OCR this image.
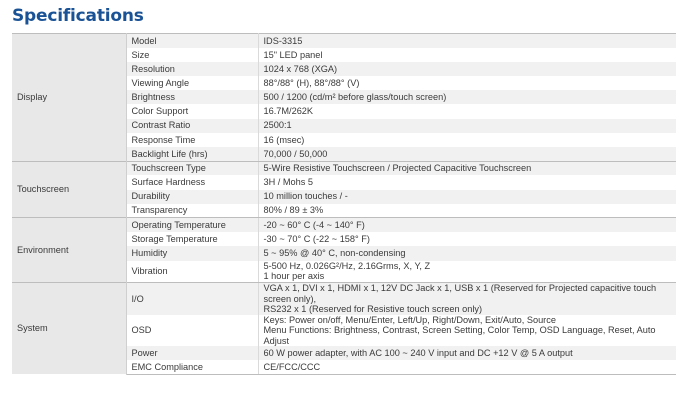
Specifications
Display	Model	IDS-3315

	Size	15" LED panel

	Resolution	1024 x 768 (XGA)

	Viewing Angle	88°/88° (H), 88°/88° (V)

	Brightness	500 / 1200 (cd/m² before glass/touch screen)

	Color Support	16.7M/262K

	Contrast Ratio	2500:1

	Response Time	16 (msec)

	Backlight Life (hrs)	70,000 / 50,000

Touchscreen	Touchscreen Type	5-Wire Resistive Touchscreen / Projected Capacitive Touchscreen

	Surface Hardness	3H / Mohs 5

	Durability	10 million touches / -

	Transparency	80% / 89 ± 3%

Environment	Operating Temperature	-20 ~ 60° C (-4 ~ 140° F)

	Storage Temperature	-30 ~ 70° C (-22 ~ 158° F)

	Humidity	5 ~ 95% @ 40° C, non-condensing

	Vibration	5-500 Hz, 0.026G²/Hz, 2.16Grms, X, Y, Z
1 hour per axis

System	I/O	VGA x 1, DVI x 1, HDMI x 1, 12V DC Jack x 1, USB x 1 (Reserved for Projected capacitive touch screen only),
RS232 x 1 (Reserved for Resistive touch screen only)

	OSD	Keys: Power on/off, Menu/Enter, Left/Up, Right/Down, Exit/Auto, Source
Menu Functions: Brightness, Contrast, Screen Setting, Color Temp, OSD Language, Reset, Auto Adjust

	Power	60 W power adapter, with AC 100 ~ 240 V input and DC +12 V @ 5 A output

	EMC Compliance	CE/FCC/CCC
